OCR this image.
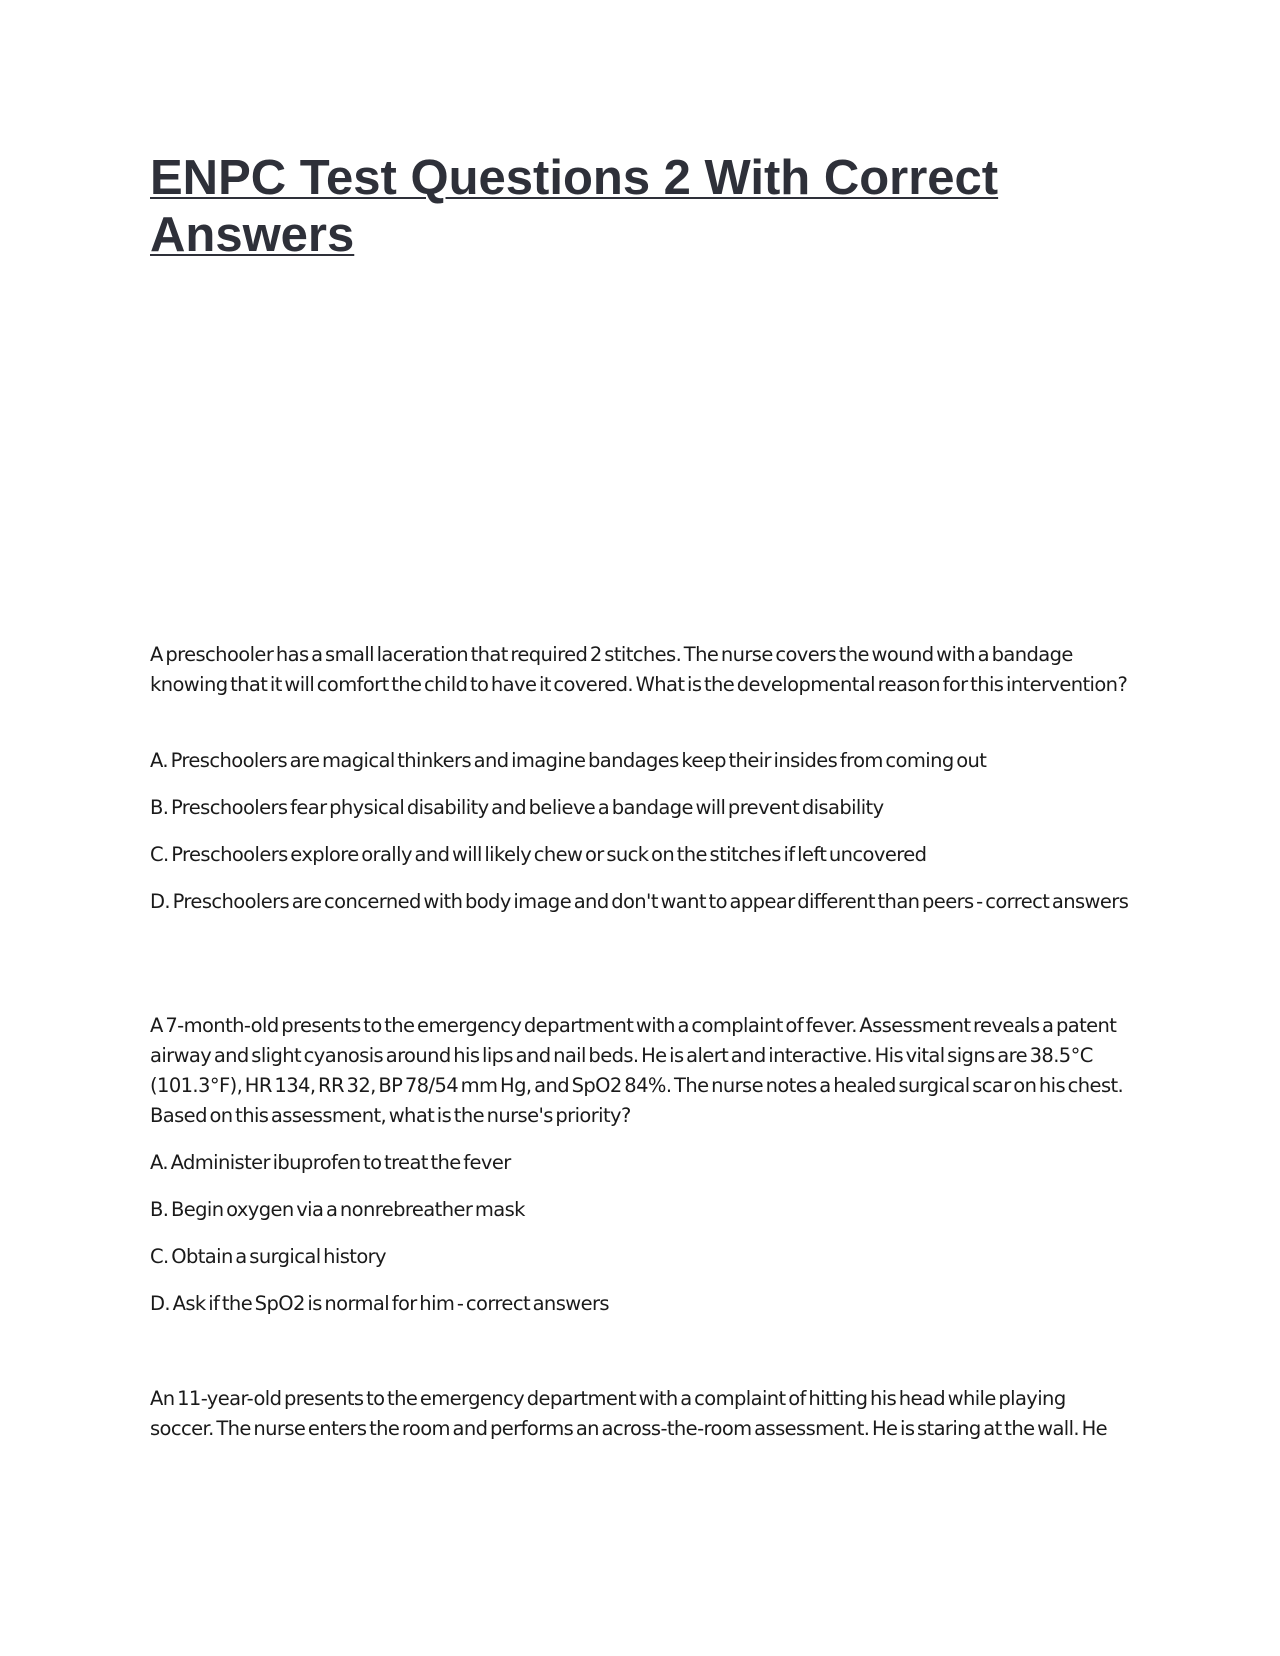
ENPC Test Questions 2 With Correct Answers

A preschooler has a small laceration that required 2 stitches. The nurse covers the wound with a bandage knowing that it will comfort the child to have it covered. What is the developmental reason for this intervention?

A. Preschoolers are magical thinkers and imagine bandages keep their insides from coming out

B. Preschoolers fear physical disability and believe a bandage will prevent disability

C. Preschoolers explore orally and will likely chew or suck on the stitches if left uncovered

D. Preschoolers are concerned with body image and don't want to appear different than peers - correct answers

A 7-month-old presents to the emergency department with a complaint of fever. Assessment reveals a patent airway and slight cyanosis around his lips and nail beds. He is alert and interactive. His vital signs are 38.5°C (101.3°F), HR 134, RR 32, BP 78/54 mm Hg, and SpO2 84%. The nurse notes a healed surgical scar on his chest. Based on this assessment, what is the nurse's priority?

A. Administer ibuprofen to treat the fever

B. Begin oxygen via a nonrebreather mask

C. Obtain a surgical history

D. Ask if the SpO2 is normal for him - correct answers

An 11-year-old presents to the emergency department with a complaint of hitting his head while playing soccer. The nurse enters the room and performs an across-the-room assessment. He is staring at the wall. He
